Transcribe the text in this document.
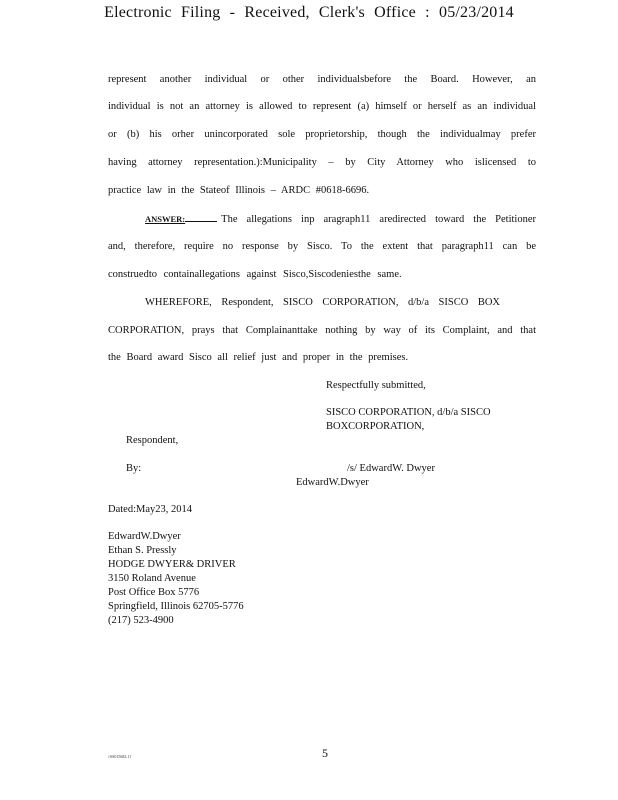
Electronic Filing - Received, Clerk's Office : 05/23/2014
represent another individual or other individualsbefore the Board. However, an
individual is not an attorney is allowed to represent (a) himself or herself as an individual
or (b) his orher unincorporated sole proprietorship, though the individualmay prefer
having attorney representation.):Municipality – by City Attorney who islicensed to
practice law in the Stateof Illinois – ARDC #0618-6696.
ANSWER:	The allegations inp aragraph11 aredirected toward the Petitioner
and, therefore, require no response by Sisco. To the extent that paragraph11 can be
construedto containallegations against Sisco,Siscodeniesthe same.
WHEREFORE, Respondent, SISCO CORPORATION, d/b/a SISCO BOX
CORPORATION, prays that Complainanttake nothing by way of its Complaint, and that
the Board award Sisco all relief just and proper in the premises.
Respectfully submitted,
SISCO CORPORATION, d/b/a SISCO
BOXCORPORATION,
Respondent,
By:	/s/ EdwardW. Dwyer
EdwardW.Dwyer
Dated:May23, 2014
EdwardW.Dwyer
Ethan S. Pressly
HODGE DWYER& DRIVER
3150 Roland Avenue
Post Office Box 5776
Springfield, Illinois 62705-5776
(217) 523-4900
{SS015682.1}	5
